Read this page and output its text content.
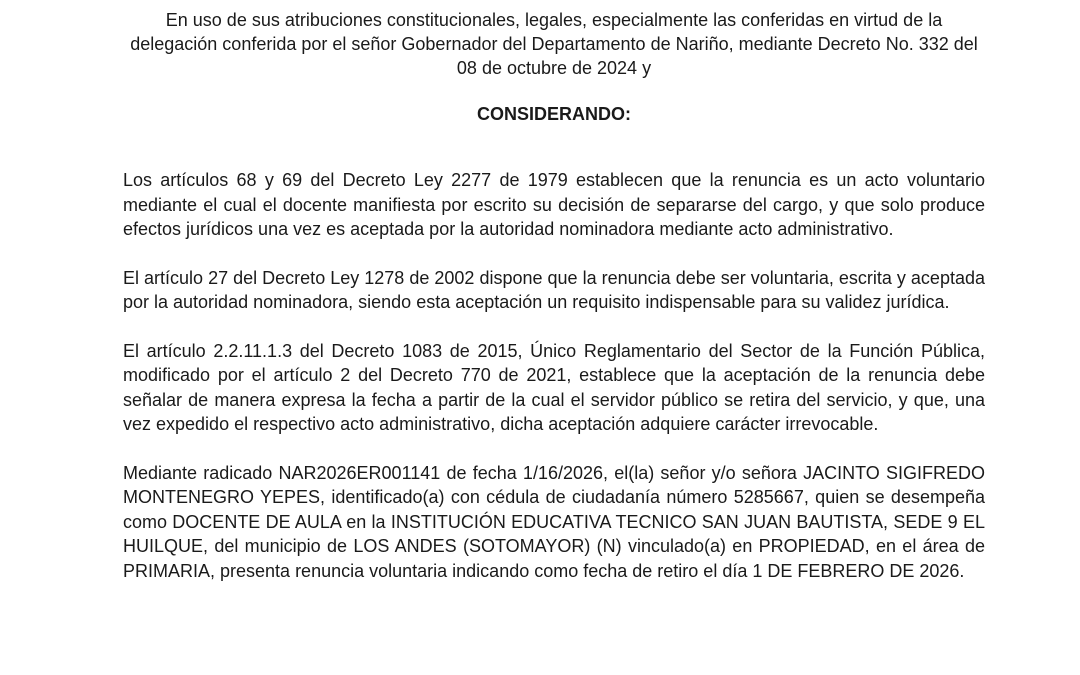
En uso de sus atribuciones constitucionales, legales, especialmente las conferidas en virtud de la delegación conferida por el señor Gobernador del Departamento de Nariño, mediante Decreto No. 332 del 08 de octubre de 2024 y

CONSIDERANDO:

Los artículos 68 y 69 del Decreto Ley 2277 de 1979 establecen que la renuncia es un acto voluntario mediante el cual el docente manifiesta por escrito su decisión de separarse del cargo, y que solo produce efectos jurídicos una vez es aceptada por la autoridad nominadora mediante acto administrativo.

El artículo 27 del Decreto Ley 1278 de 2002 dispone que la renuncia debe ser voluntaria, escrita y aceptada por la autoridad nominadora, siendo esta aceptación un requisito indispensable para su validez jurídica.

El artículo 2.2.11.1.3 del Decreto 1083 de 2015, Único Reglamentario del Sector de la Función Pública, modificado por el artículo 2 del Decreto 770 de 2021, establece que la aceptación de la renuncia debe señalar de manera expresa la fecha a partir de la cual el servidor público se retira del servicio, y que, una vez expedido el respectivo acto administrativo, dicha aceptación adquiere carácter irrevocable.

Mediante radicado NAR2026ER001141 de fecha 1/16/2026, el(la) señor y/o señora JACINTO SIGIFREDO MONTENEGRO YEPES, identificado(a) con cédula de ciudadanía número 5285667, quien se desempeña como DOCENTE DE AULA en la INSTITUCIÓN EDUCATIVA TECNICO SAN JUAN BAUTISTA, SEDE 9 EL HUILQUE, del municipio de LOS ANDES (SOTOMAYOR) (N) vinculado(a) en PROPIEDAD, en el área de PRIMARIA, presenta renuncia voluntaria indicando como fecha de retiro el día 1 DE FEBRERO DE 2026.
